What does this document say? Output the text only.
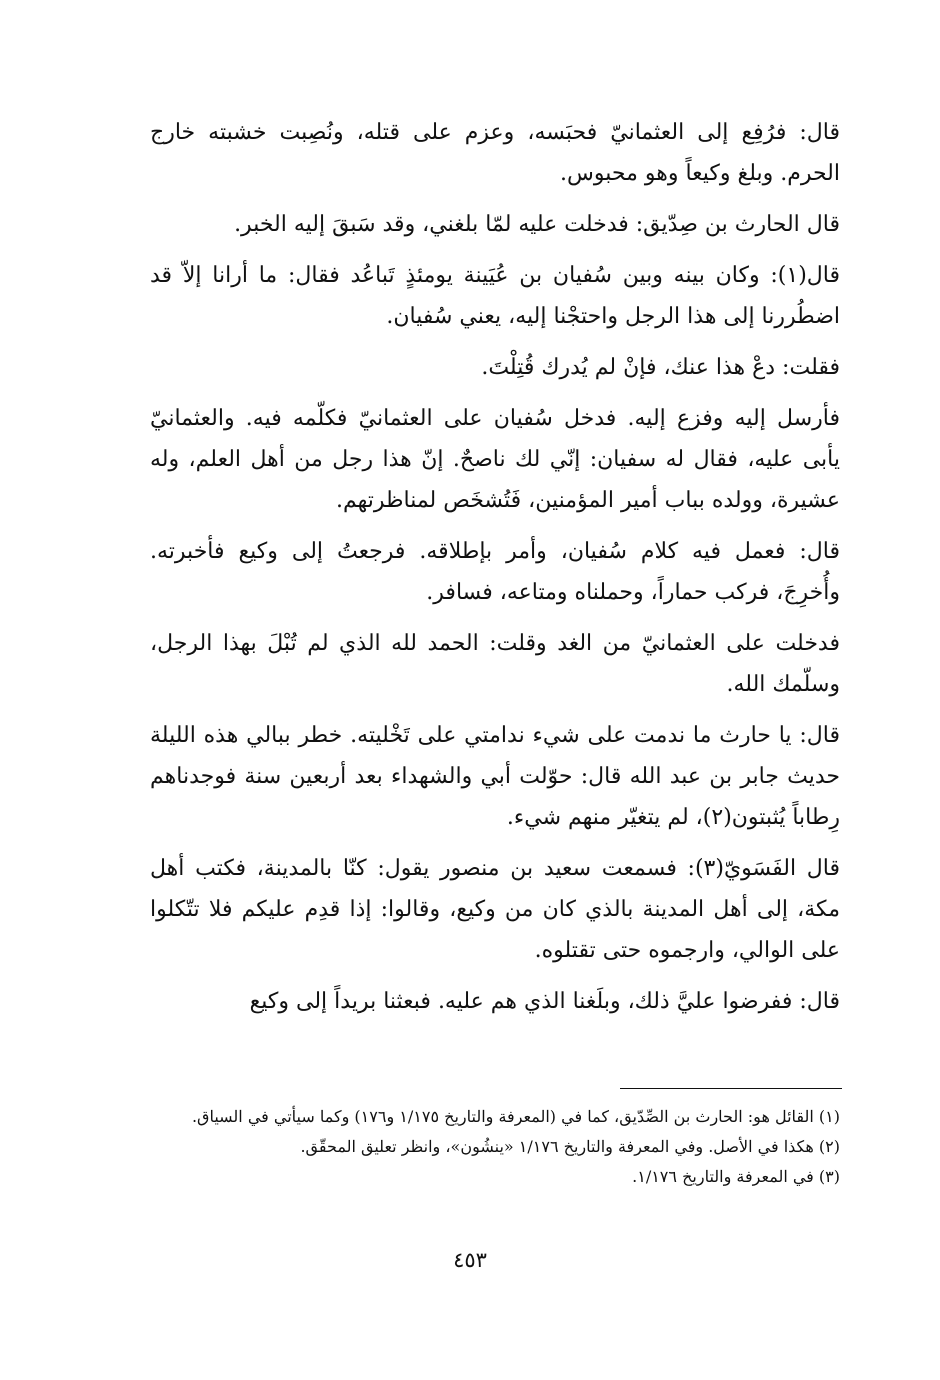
قال: فرُفِع إلى العثمانيّ فحبَسه، وعزم على قتله، ونُصِبت خشبته خارج الحرم. وبلغ وكيعاً وهو محبوس.

قال الحارث بن صِدّيق: فدخلت عليه لمّا بلغني، وقد سَبقَ إليه الخبر.

قال(١): وكان بينه وبين سُفيان بن عُيَينة يومئذٍ تَباعُد فقال: ما أرانا إلاّ قد اضطُررنا إلى هذا الرجل واحتجْنا إليه، يعني سُفيان.

فقلت: دعْ هذا عنك، فإنْ لم يُدرك قُتِلْتَ.

فأرسل إليه وفزع إليه. فدخل سُفيان على العثمانيّ فكلّمه فيه. والعثمانيّ يأبى عليه، فقال له سفيان: إنّي لك ناصحٌ. إنّ هذا رجل من أهل العلم، وله عشيرة، وولده بباب أمير المؤمنين، فَتُشخَص لمناظرتهم.

قال: فعمل فيه كلام سُفيان، وأمر بإطلاقه. فرجعتُ إلى وكيع فأخبرته. وأُخرِجَ، فركب حماراً، وحملناه ومتاعه، فسافر.

فدخلت على العثمانيّ من الغد وقلت: الحمد لله الذي لم تُبْلَ بهذا الرجل، وسلّمك الله.

قال: يا حارث ما ندمت على شيء ندامتي على تَخْليته. خطر ببالي هذه الليلة حديث جابر بن عبد الله قال: حوّلت أبي والشهداء بعد أربعين سنة فوجدناهم رِطاباً يُثبتون(٢)، لم يتغيّر منهم شيء.

قال الفَسَويّ(٣): فسمعت سعيد بن منصور يقول: كنّا بالمدينة، فكتب أهل مكة، إلى أهل المدينة بالذي كان من وكيع، وقالوا: إذا قدِم عليكم فلا تتّكلوا على الوالي، وارجموه حتى تقتلوه.

قال: ففرضوا عليَّ ذلك، وبلَغنا الذي هم عليه. فبعثنا بريداً إلى وكيع

(١) القائل هو: الحارث بن الصِّدّيق، كما في (المعرفة والتاريخ ١/١٧٥ و١٧٦) وكما سيأتي في السياق.

(٢) هكذا في الأصل. وفي المعرفة والتاريخ ١/١٧٦ «ينشُون»، وانظر تعليق المحقّق.

(٣) في المعرفة والتاريخ ١/١٧٦.

٤٥٣
